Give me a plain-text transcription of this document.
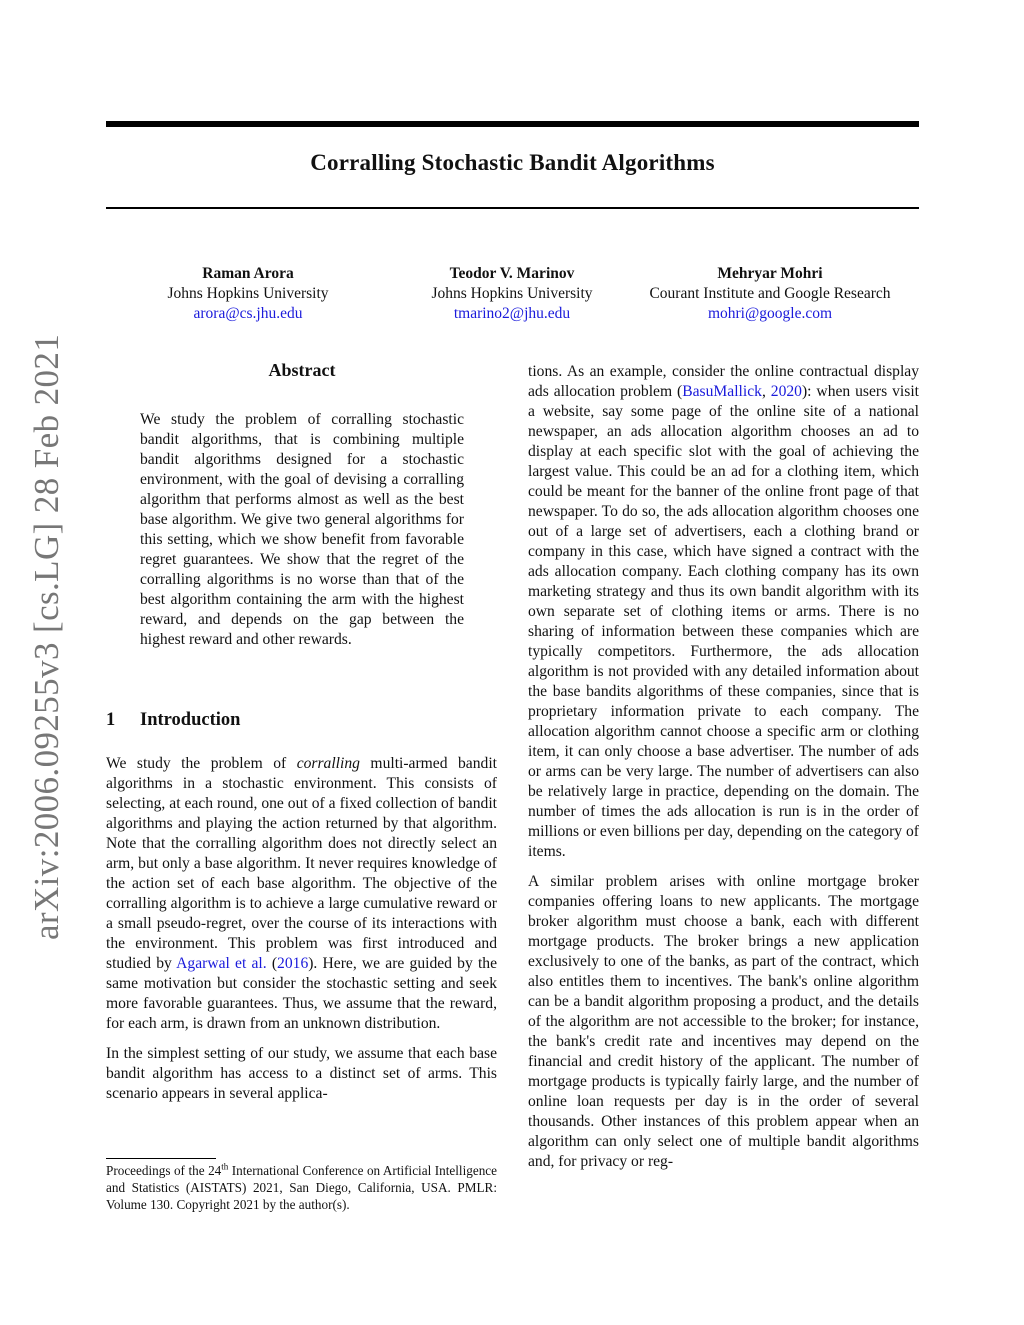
arXiv:2006.09255v3 [cs.LG] 28 Feb 2021
Corralling Stochastic Bandit Algorithms
Raman Arora
Johns Hopkins University
arora@cs.jhu.edu
Teodor V. Marinov
Johns Hopkins University
tmarino2@jhu.edu
Mehryar Mohri
Courant Institute and Google Research
mohri@google.com
Abstract

We study the problem of corralling stochastic bandit algorithms, that is combining multiple bandit algorithms designed for a stochastic environment, with the goal of devising a corralling algorithm that performs almost as well as the best base algorithm. We give two general algorithms for this setting, which we show benefit from favorable regret guarantees. We show that the regret of the corralling algorithms is no worse than that of the best algorithm containing the arm with the highest reward, and depends on the gap between the highest reward and other rewards.

1 Introduction

We study the problem of corralling multi-armed bandit algorithms in a stochastic environment. This consists of selecting, at each round, one out of a fixed collection of bandit algorithms and playing the action returned by that algorithm. Note that the corralling algorithm does not directly select an arm, but only a base algorithm. It never requires knowledge of the action set of each base algorithm. The objective of the corralling algorithm is to achieve a large cumulative reward or a small pseudo-regret, over the course of its interactions with the environment. This problem was first introduced and studied by Agarwal et al. (2016). Here, we are guided by the same motivation but consider the stochastic setting and seek more favorable guarantees. Thus, we assume that the reward, for each arm, is drawn from an unknown distribution.

In the simplest setting of our study, we assume that each base bandit algorithm has access to a distinct set of arms. This scenario appears in several applica-

Proceedings of the 24th International Conference on Artificial Intelligence and Statistics (AISTATS) 2021, San Diego, California, USA. PMLR: Volume 130. Copyright 2021 by the author(s).

tions. As an example, consider the online contractual display ads allocation problem (BasuMallick, 2020): when users visit a website, say some page of the online site of a national newspaper, an ads allocation algorithm chooses an ad to display at each specific slot with the goal of achieving the largest value. This could be an ad for a clothing item, which could be meant for the banner of the online front page of that newspaper. To do so, the ads allocation algorithm chooses one out of a large set of advertisers, each a clothing brand or company in this case, which have signed a contract with the ads allocation company. Each clothing company has its own marketing strategy and thus its own bandit algorithm with its own separate set of clothing items or arms. There is no sharing of information between these companies which are typically competitors. Furthermore, the ads allocation algorithm is not provided with any detailed information about the base bandits algorithms of these companies, since that is proprietary information private to each company. The allocation algorithm cannot choose a specific arm or clothing item, it can only choose a base advertiser. The number of ads or arms can be very large. The number of advertisers can also be relatively large in practice, depending on the domain. The number of times the ads allocation is run is in the order of millions or even billions per day, depending on the category of items.

A similar problem arises with online mortgage broker companies offering loans to new applicants. The mortgage broker algorithm must choose a bank, each with different mortgage products. The broker brings a new application exclusively to one of the banks, as part of the contract, which also entitles them to incentives. The bank's online algorithm can be a bandit algorithm proposing a product, and the details of the algorithm are not accessible to the broker; for instance, the bank's credit rate and incentives may depend on the financial and credit history of the applicant. The number of mortgage products is typically fairly large, and the number of online loan requests per day is in the order of several thousands. Other instances of this problem appear when an algorithm can only select one of multiple bandit algorithms and, for privacy or reg-
